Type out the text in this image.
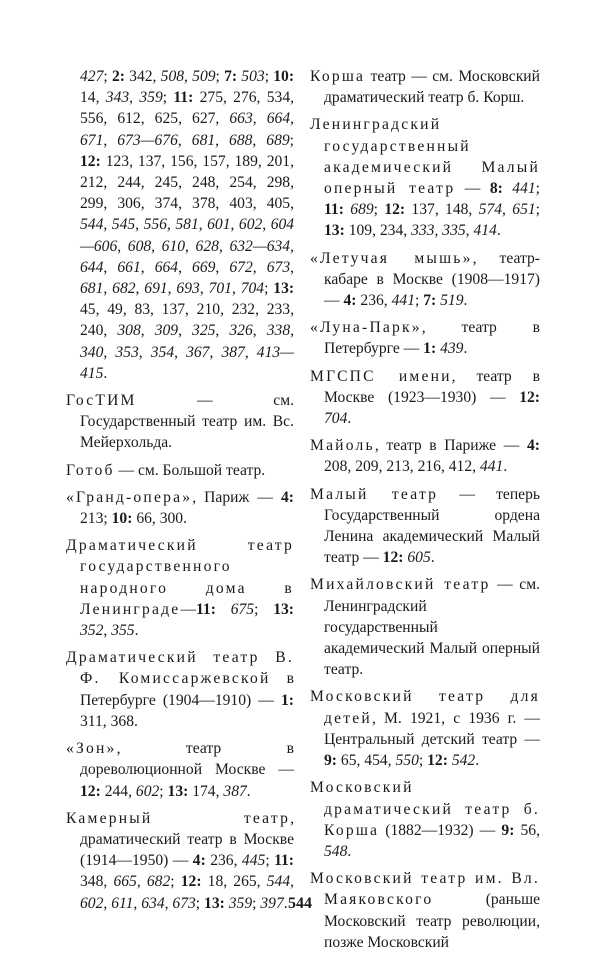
427; 2: 342, 508, 509; 7: 503; 10: 14, 343, 359; 11: 275, 276, 534, 556, 612, 625, 627, 663, 664, 671, 673—676, 681, 688, 689; 12: 123, 137, 156, 157, 189, 201, 212, 244, 245, 248, 254, 298, 299, 306, 374, 378, 403, 405, 544, 545, 556, 581, 601, 602, 604—606, 608, 610, 628, 632—634, 644, 661, 664, 669, 672, 673, 681, 682, 691, 693, 701, 704; 13: 45, 49, 83, 137, 210, 232, 233, 240, 308, 309, 325, 326, 338, 340, 353, 354, 367, 387, 413—415.

ГосТИМ — см. Государственный театр им. Вс. Мейерхольда.

Готоб — см. Большой театр.

«Гранд-опера», Париж — 4: 213; 10: 66, 300.

Драматический театр государственного народного дома в Ленинграде—11: 675; 13: 352, 355.

Драматический театр В. Ф. Комиссаржевской в Петербурге (1904—1910) — 1: 311, 368.

«Зон», театр в дореволюционной Москве — 12: 244, 602; 13: 174, 387.

Камерный театр, драматический театр в Москве (1914—1950) — 4: 236, 445; 11: 348, 665, 682; 12: 18, 265, 544, 602, 611, 634, 673; 13: 359; 397.

Корша театр — см. Московский драматический театр б. Корш.

Ленинградский государственный академический Малый оперный театр — 8: 441; 11: 689; 12: 137, 148, 574, 651; 13: 109, 234, 333, 335, 414.

«Летучая мышь», театр-кабаре в Москве (1908—1917) — 4: 236, 441; 7: 519.

«Луна-Парк», театр в Петербурге — 1: 439.

МГСПС имени, театр в Москве (1923—1930) — 12: 704.

Майоль, театр в Париже — 4: 208, 209, 213, 216, 412, 441.

Малый театр — теперь Государственный ордена Ленина академический Малый театр — 12: 605.

Михайловский театр — см. Ленинградский государственный академический Малый оперный театр.

Московский театр для детей, М. 1921, с 1936 г. — Центральный детский театр — 9: 65, 454, 550; 12: 542.

Московский драматический театр б. Корша (1882—1932) — 9: 56, 548.

Московский театр им. Вл. Маяковского (раньше Московский театр революции, позже Московский

544
